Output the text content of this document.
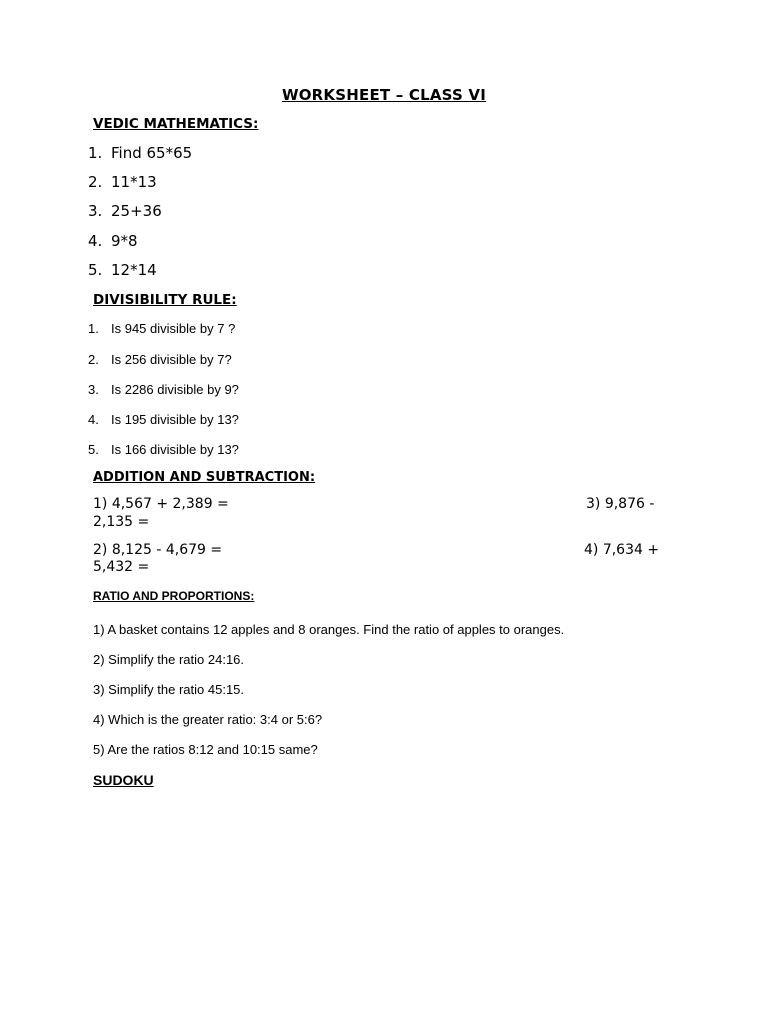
WORKSHEET – CLASS VI
VEDIC MATHEMATICS:
1. Find 65*65
2. 11*13
3. 25+36
4. 9*8
5. 12*14
DIVISIBILITY RULE:
1. Is 945 divisible by 7 ?
2. Is 256 divisible by 7?
3. Is 2286 divisible by 9?
4. Is 195 divisible by 13?
5. Is 166 divisible by 13?
ADDITION AND SUBTRACTION:
1) 4,567 + 2,389 =	3) 9,876 -
2,135 =
2) 8,125 - 4,679 =	4) 7,634 +
5,432 =
RATIO AND PROPORTIONS:
1) A basket contains 12 apples and 8 oranges. Find the ratio of apples to oranges.
2) Simplify the ratio 24:16.
3) Simplify the ratio 45:15.
4) Which is the greater ratio: 3:4 or 5:6?
5) Are the ratios 8:12 and 10:15 same?
SUDOKU
